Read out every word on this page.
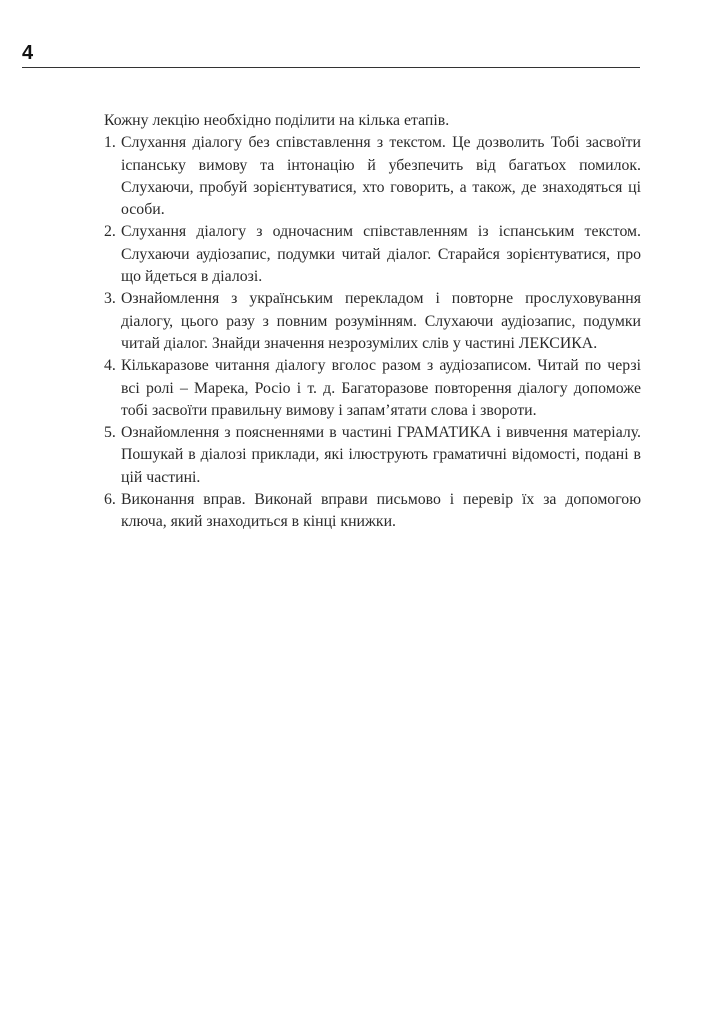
4

Кожну лекцію необхідно поділити на кілька етапів.

1. Слухання діалогу без співставлення з текстом. Це дозволить Тобі засвоїти іспанську вимову та інтонацію й убезпечить від багатьох помилок. Слухаючи, пробуй зорієнтуватися, хто говорить, а також, де знаходяться ці особи.
2. Слухання діалогу з одночасним співставленням із іспанським текстом. Слухаючи аудіозапис, подумки читай діалог. Старайся зорієнтуватися, про що йдеться в діалозі.
3. Ознайомлення з українським перекладом і повторне прослуховування діалогу, цього разу з повним розумінням. Слухаючи аудіозапис, подумки читай діалог. Знайди значення незрозумілих слів у частині ЛЕКСИКА.
4. Кількаразове читання діалогу вголос разом з аудіозаписом. Читай по черзі всі ролі – Марека, Росіо і т. д. Багаторазове повторення діалогу допоможе тобі засвоїти правильну вимову і запам’ятати слова і звороти.
5. Ознайомлення з поясненнями в частині ГРАМАТИКА і вивчення матеріалу. Пошукай в діалозі приклади, які ілюструють граматичні відомості, подані в цій частині.
6. Виконання вправ. Виконай вправи письмово і перевір їх за допомогою ключа, який знаходиться в кінці книжки.
